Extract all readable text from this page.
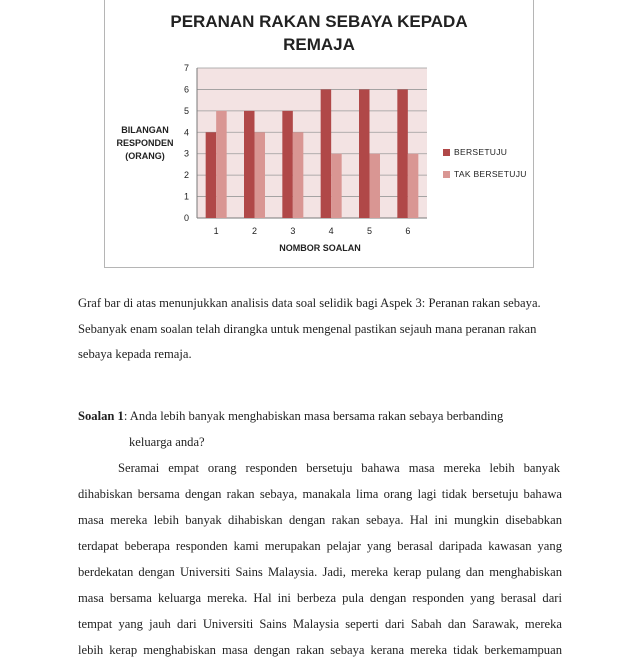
PERANAN RAKAN SEBAYA KEPADA
REMAJA
0
1
2
3
4
5
6
7
1	2	3	4	5	6
BILANGAN
RESPONDEN
(ORANG)
NOMBOR SOALAN
BERSETUJU
TAK BERSETUJU

Graf bar di atas menunjukkan analisis data soal selidik bagi Aspek 3: Peranan rakan sebaya.

Sebanyak enam soalan telah dirangka untuk mengenal pastikan sejauh mana peranan rakan

sebaya kepada remaja.

Soalan 1: Anda lebih banyak menghabiskan masa bersama rakan sebaya berbanding

keluarga anda?

Seramai empat orang responden bersetuju bahawa masa mereka lebih banyak

dihabiskan bersama dengan rakan sebaya, manakala lima orang lagi tidak bersetuju bahawa

masa mereka lebih banyak dihabiskan dengan rakan sebaya. Hal ini mungkin disebabkan

terdapat beberapa responden kami merupakan pelajar yang berasal daripada kawasan yang

berdekatan dengan Universiti Sains Malaysia. Jadi, mereka kerap pulang dan menghabiskan

masa bersama keluarga mereka. Hal ini berbeza pula dengan responden yang berasal dari

tempat yang jauh dari Universiti Sains Malaysia seperti dari Sabah dan Sarawak, mereka

lebih kerap menghabiskan masa dengan rakan sebaya kerana mereka tidak berkemampuan
